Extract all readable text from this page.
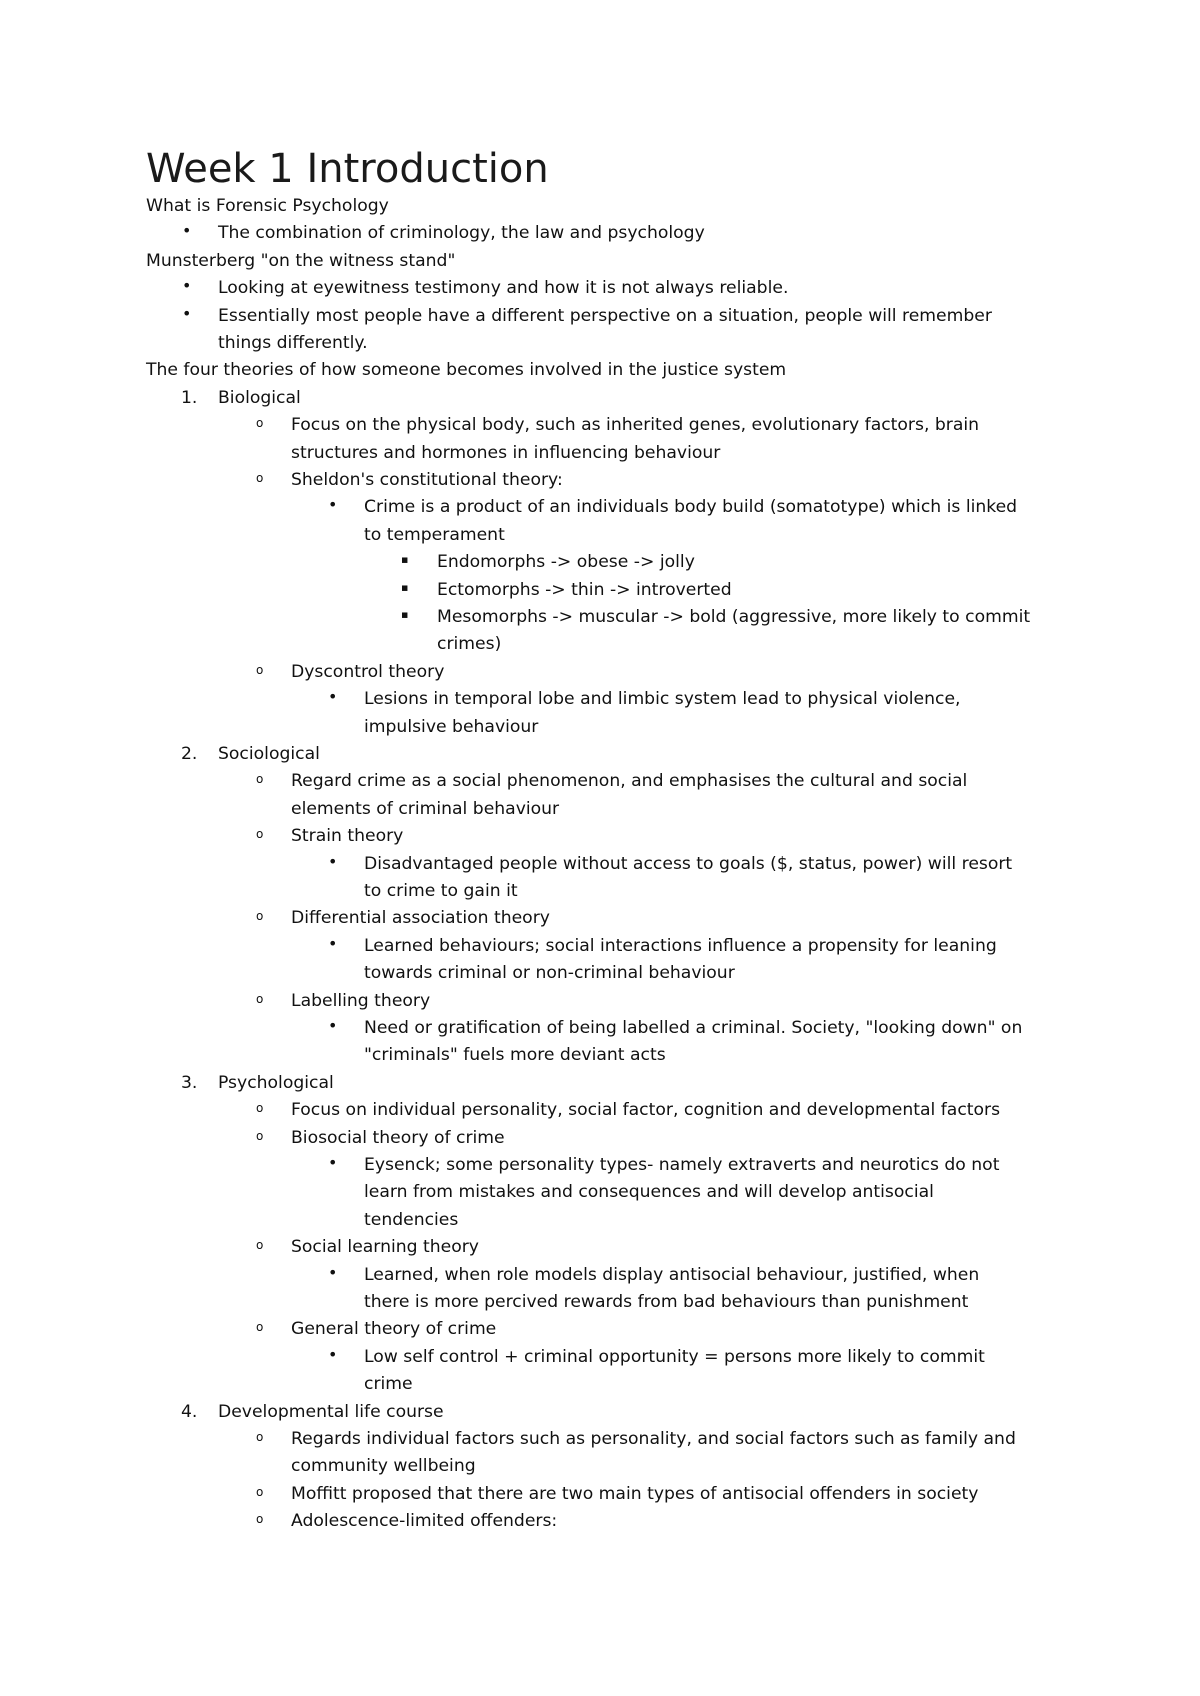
Week 1 Introduction
What is Forensic Psychology
• The combination of criminology, the law and psychology
Munsterberg "on the witness stand"
• Looking at eyewitness testimony and how it is not always reliable.
• Essentially most people have a different perspective on a situation, people will remember
things differently.
The four theories of how someone becomes involved in the justice system
1. Biological
o Focus on the physical body, such as inherited genes, evolutionary factors, brain
structures and hormones in influencing behaviour
o Sheldon's constitutional theory:
• Crime is a product of an individuals body build (somatotype) which is linked
to temperament
▪ Endomorphs -> obese -> jolly
▪ Ectomorphs -> thin -> introverted
▪ Mesomorphs -> muscular -> bold (aggressive, more likely to commit
crimes)
o Dyscontrol theory
• Lesions in temporal lobe and limbic system lead to physical violence,
impulsive behaviour
2. Sociological
o Regard crime as a social phenomenon, and emphasises the cultural and social
elements of criminal behaviour
o Strain theory
• Disadvantaged people without access to goals ($, status, power) will resort
to crime to gain it
o Differential association theory
• Learned behaviours; social interactions influence a propensity for leaning
towards criminal or non-criminal behaviour
o Labelling theory
• Need or gratification of being labelled a criminal. Society, "looking down" on
"criminals" fuels more deviant acts
3. Psychological
o Focus on individual personality, social factor, cognition and developmental factors
o Biosocial theory of crime
• Eysenck; some personality types- namely extraverts and neurotics do not
learn from mistakes and consequences and will develop antisocial
tendencies
o Social learning theory
• Learned, when role models display antisocial behaviour, justified, when
there is more percived rewards from bad behaviours than punishment
o General theory of crime
• Low self control + criminal opportunity = persons more likely to commit
crime
4. Developmental life course
o Regards individual factors such as personality, and social factors such as family and
community wellbeing
o Moffitt proposed that there are two main types of antisocial offenders in society
o Adolescence-limited offenders:
